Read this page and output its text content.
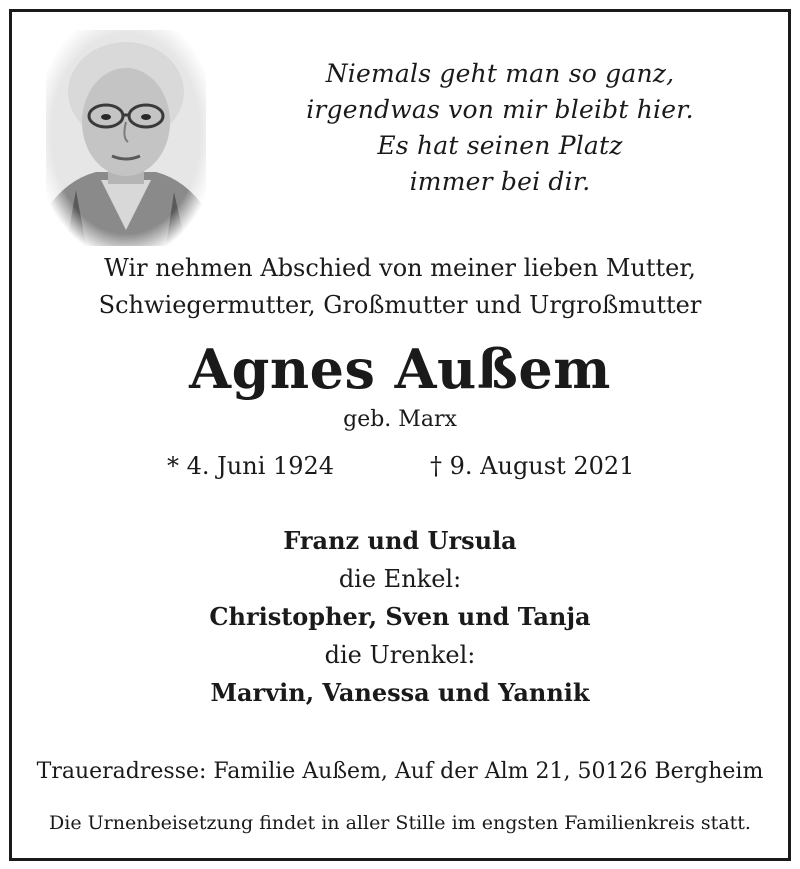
Niemals geht man so ganz,
irgendwas von mir bleibt hier.
Es hat seinen Platz
immer bei dir.
Wir nehmen Abschied von meiner lieben Mutter,
Schwiegermutter, Großmutter und Urgroßmutter
Agnes Außem
geb. Marx
* 4. Juni 1924	† 9. August 2021
Franz und Ursula
die Enkel:
Christopher, Sven und Tanja
die Urenkel:
Marvin, Vanessa und Yannik
Traueradresse: Familie Außem, Auf der Alm 21, 50126 Bergheim
Die Urnenbeisetzung findet in aller Stille im engsten Familienkreis statt.
